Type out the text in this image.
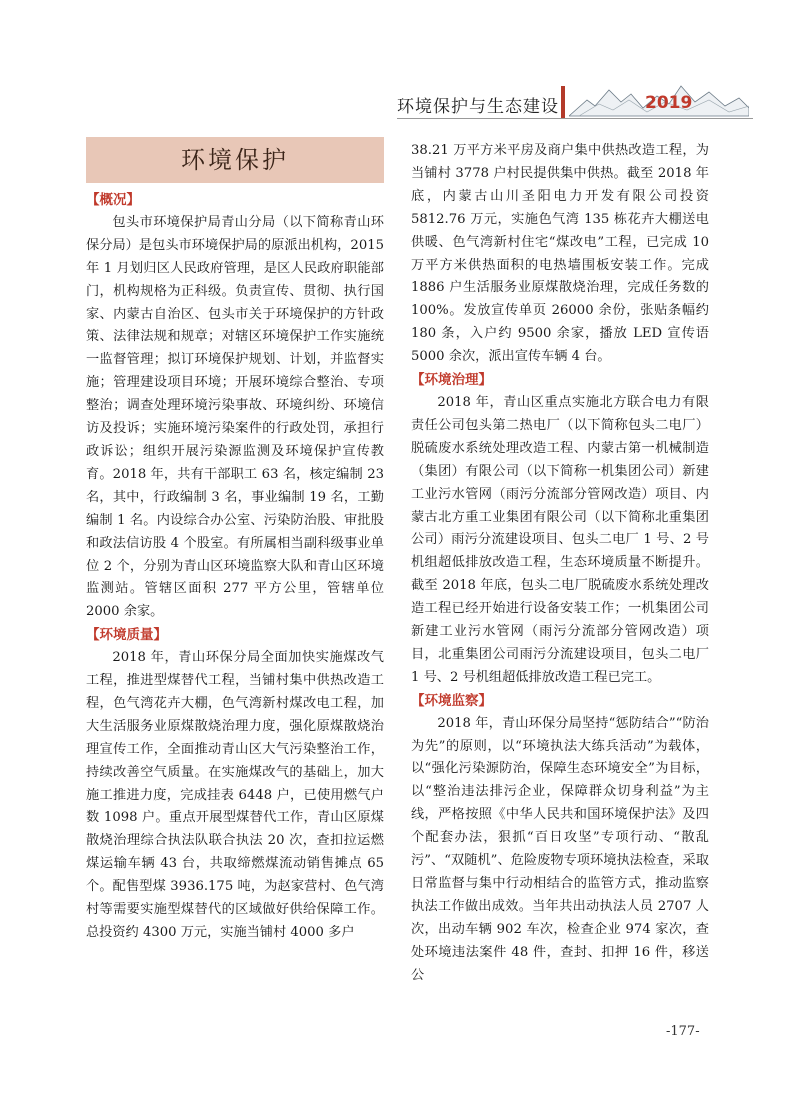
环境保护与生态建设	2019
环境保护

【概况】

包头市环境保护局青山分局（以下简称青山环保分局）是包头市环境保护局的原派出机构，2015 年 1 月划归区人民政府管理，是区人民政府职能部门，机构规格为正科级。负责宣传、贯彻、执行国家、内蒙古自治区、包头市关于环境保护的方针政策、法律法规和规章；对辖区环境保护工作实施统一监督管理；拟订环境保护规划、计划，并监督实施；管理建设项目环境；开展环境综合整治、专项整治；调查处理环境污染事故、环境纠纷、环境信访及投诉；实施环境污染案件的行政处罚，承担行政诉讼；组织开展污染源监测及环境保护宣传教育。2018 年，共有干部职工 63 名，核定编制 23 名，其中，行政编制 3 名，事业编制 19 名，工勤编制 1 名。内设综合办公室、污染防治股、审批股和政法信访股 4 个股室。有所属相当副科级事业单位 2 个，分别为青山区环境监察大队和青山区环境监测站。管辖区面积 277 平方公里，管辖单位 2000 余家。

【环境质量】

2018 年，青山环保分局全面加快实施煤改气工程，推进型煤替代工程，当铺村集中供热改造工程，色气湾花卉大棚，色气湾新村煤改电工程，加大生活服务业原煤散烧治理力度，强化原煤散烧治理宣传工作，全面推动青山区大气污染整治工作，持续改善空气质量。在实施煤改气的基础上，加大施工推进力度，完成挂表 6448 户，已使用燃气户数 1098 户。重点开展型煤替代工作，青山区原煤散烧治理综合执法队联合执法 20 次，查扣拉运燃煤运输车辆 43 台，共取缔燃煤流动销售摊点 65 个。配售型煤 3936.175 吨，为赵家营村、色气湾村等需要实施型煤替代的区域做好供给保障工作。总投资约 4300 万元，实施当铺村 4000 多户

38.21 万平方米平房及商户集中供热改造工程，为当铺村 3778 户村民提供集中供热。截至 2018 年底，内蒙古山川圣阳电力开发有限公司投资 5812.76 万元，实施色气湾 135 栋花卉大棚送电供暖、色气湾新村住宅“煤改电”工程，已完成 10 万平方米供热面积的电热墙围板安装工作。完成 1886 户生活服务业原煤散烧治理，完成任务数的100%。发放宣传单页 26000 余份，张贴条幅约 180 条，入户约 9500 余家，播放 LED 宣传语 5000 余次，派出宣传车辆 4 台。

【环境治理】

2018 年，青山区重点实施北方联合电力有限责任公司包头第二热电厂（以下简称包头二电厂）脱硫废水系统处理改造工程、内蒙古第一机械制造（集团）有限公司（以下简称一机集团公司）新建工业污水管网（雨污分流部分管网改造）项目、内蒙古北方重工业集团有限公司（以下简称北重集团公司）雨污分流建设项目、包头二电厂 1 号、2 号机组超低排放改造工程，生态环境质量不断提升。截至 2018 年底，包头二电厂脱硫废水系统处理改造工程已经开始进行设备安装工作；一机集团公司新建工业污水管网（雨污分流部分管网改造）项目，北重集团公司雨污分流建设项目，包头二电厂 1 号、2 号机组超低排放改造工程已完工。

【环境监察】

2018 年，青山环保分局坚持“惩防结合”“防治为先”的原则，以“环境执法大练兵活动”为载体，以“强化污染源防治，保障生态环境安全”为目标，以“整治违法排污企业，保障群众切身利益”为主线，严格按照《中华人民共和国环境保护法》及四个配套办法，狠抓“百日攻坚”专项行动、“散乱污”、“双随机”、危险废物专项环境执法检查，采取日常监督与集中行动相结合的监管方式，推动监察执法工作做出成效。当年共出动执法人员 2707 人次，出动车辆 902 车次，检查企业 974 家次，查处环境违法案件 48 件，查封、扣押 16 件，移送公

-177-
